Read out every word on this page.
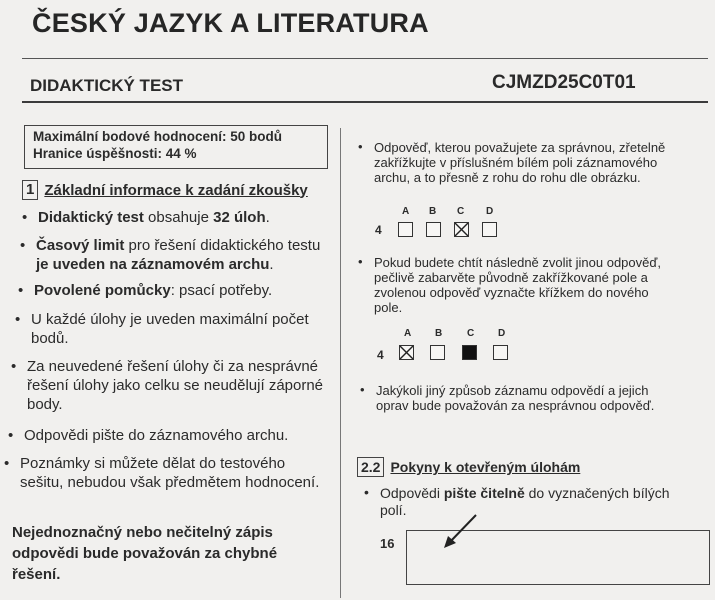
ČESKÝ JAZYK A LITERATURA
DIDAKTICKÝ TEST	CJMZD25C0T01
Maximální bodové hodnocení: 50 bodů
Hranice úspěšnosti: 44 %
1 Základní informace k zadání zkoušky
• Didaktický test obsahuje 32 úloh.
• Časový limit pro řešení didaktického testu je uveden na záznamovém archu.
• Povolené pomůcky: psací potřeby.
• U každé úlohy je uveden maximální počet bodů.
• Za neuvedené řešení úlohy či za nesprávné řešení úlohy jako celku se neudělují záporné body.
• Odpovědi pište do záznamového archu.
• Poznámky si můžete dělat do testového sešitu, nebudou však předmětem hodnocení.
Nejednoznačný nebo nečitelný zápis odpovědi bude považován za chybné řešení.
• Odpověď, kterou považujete za správnou, zřetelně zakřížkujte v příslušném bílém poli záznamového archu, a to přesně z rohu do rohu dle obrázku.
4
A B C D
• Pokud budete chtít následně zvolit jinou odpověď, pečlivě zabarvěte původně zakřížkované pole a zvolenou odpověď vyznačte křížkem do nového pole.
4
A B C D
• Jakýkoli jiný způsob záznamu odpovědí a jejich oprav bude považován za nesprávnou odpověď.
2.2 Pokyny k otevřeným úlohám
• Odpovědi pište čitelně do vyznačených bílých polí.
16
